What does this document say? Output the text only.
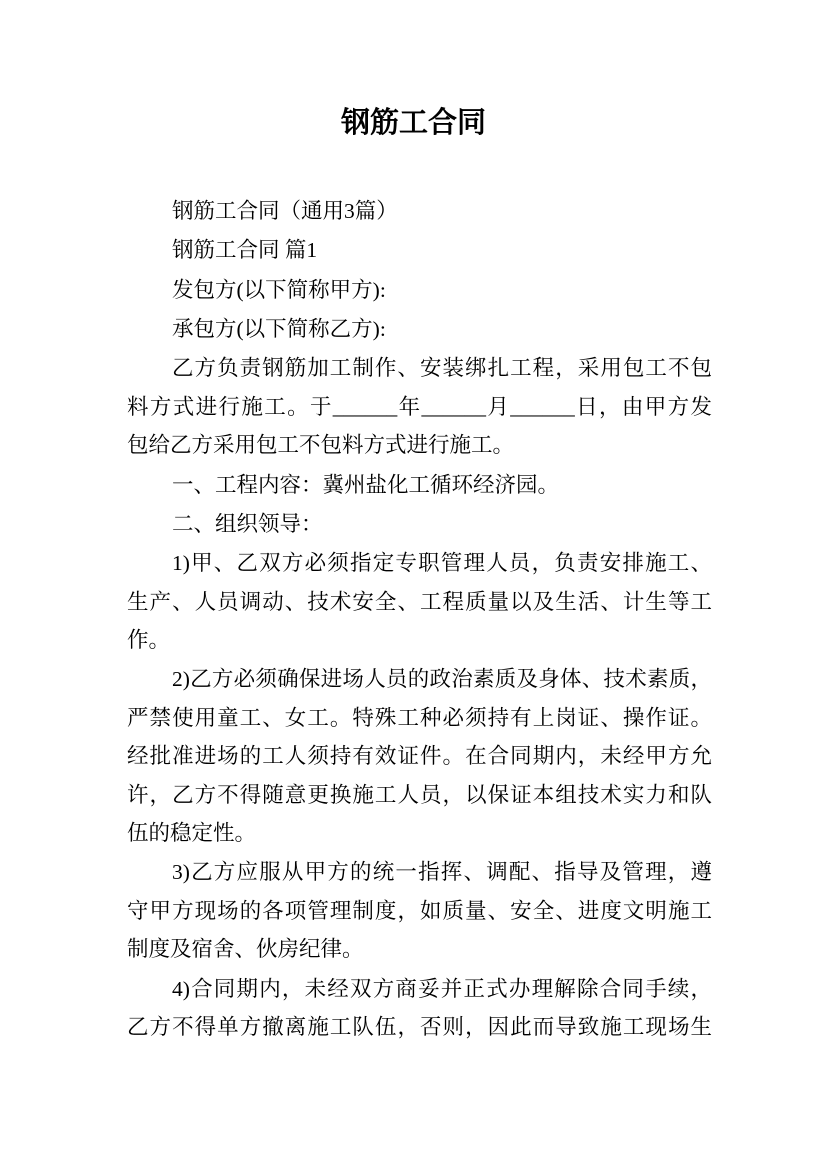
钢筋工合同
钢筋工合同（通用3篇）
钢筋工合同 篇1
发包方(以下简称甲方):
承包方(以下简称乙方):
乙方负责钢筋加工制作、安装绑扎工程，采用包工不包
料方式进行施工。于______年______月______日，由甲方发
包给乙方采用包工不包料方式进行施工。
一、工程内容：冀州盐化工循环经济园。
二、组织领导：
1)甲、乙双方必须指定专职管理人员，负责安排施工、
生产、人员调动、技术安全、工程质量以及生活、计生等工
作。
2)乙方必须确保进场人员的政治素质及身体、技术素质，
严禁使用童工、女工。特殊工种必须持有上岗证、操作证。
经批准进场的工人须持有效证件。在合同期内，未经甲方允
许，乙方不得随意更换施工人员，以保证本组技术实力和队
伍的稳定性。
3)乙方应服从甲方的统一指挥、调配、指导及管理，遵
守甲方现场的各项管理制度，如质量、安全、进度文明施工
制度及宿舍、伙房纪律。
4)合同期内，未经双方商妥并正式办理解除合同手续，
乙方不得单方撤离施工队伍，否则，因此而导致施工现场生
